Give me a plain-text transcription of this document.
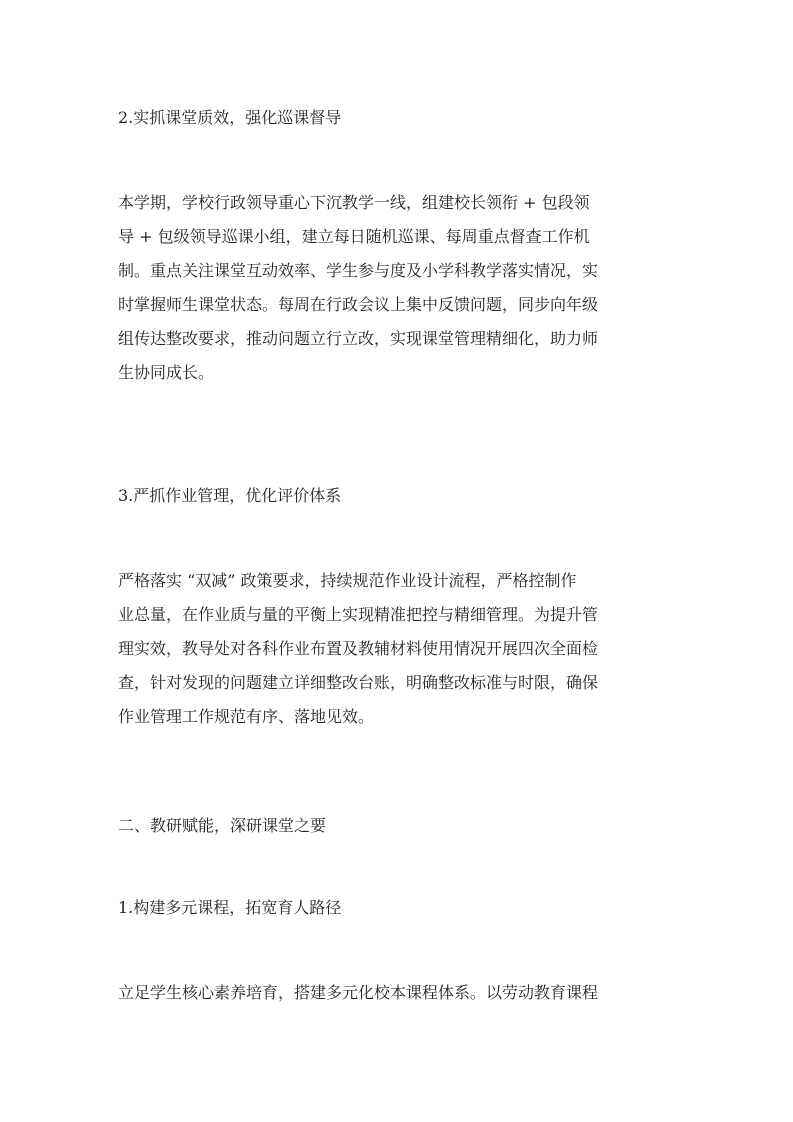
2.实抓课堂质效，强化巡课督导

本学期，学校行政领导重心下沉教学一线，组建校长领衔 + 包段领
导 + 包级领导巡课小组，建立每日随机巡课、每周重点督查工作机
制。重点关注课堂互动效率、学生参与度及小学科教学落实情况，实
时掌握师生课堂状态。每周在行政会议上集中反馈问题，同步向年级
组传达整改要求，推动问题立行立改，实现课堂管理精细化，助力师
生协同成长。

3.严抓作业管理，优化评价体系

严格落实 “双减” 政策要求，持续规范作业设计流程，严格控制作
业总量，在作业质与量的平衡上实现精准把控与精细管理。为提升管
理实效，教导处对各科作业布置及教辅材料使用情况开展四次全面检
查，针对发现的问题建立详细整改台账，明确整改标准与时限，确保
作业管理工作规范有序、落地见效。

二、教研赋能，深研课堂之要

1.构建多元课程，拓宽育人路径

立足学生核心素养培育，搭建多元化校本课程体系。以劳动教育课程
